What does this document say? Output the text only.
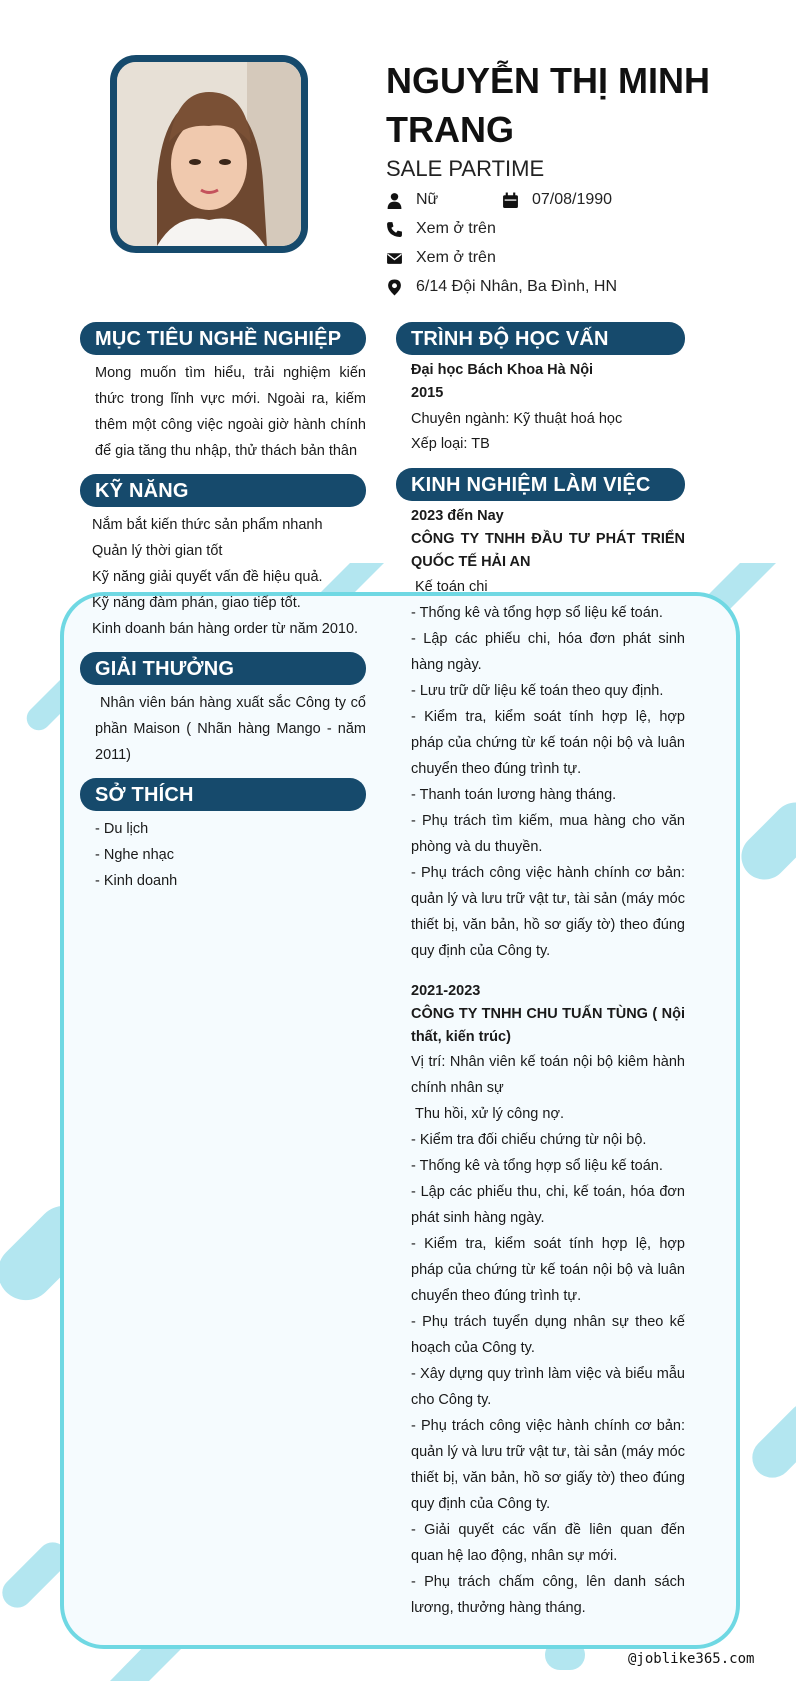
NGUYỄN THỊ MINH TRANG
SALE PARTIME
Nữ	07/08/1990
Xem ở trên
Xem ở trên
6/14 Đội Nhân, Ba Đình, HN
MỤC TIÊU NGHỀ NGHIỆP
Mong muốn tìm hiểu, trải nghiệm kiến thức trong lĩnh vực mới. Ngoài ra, kiếm thêm một công việc ngoài giờ hành chính để gia tăng thu nhập, thử thách bản thân
KỸ NĂNG
Nắm bắt kiến thức sản phẩm nhanh
Quản lý thời gian tốt
Kỹ năng giải quyết vấn đề hiệu quả.
Kỹ năng đàm phán, giao tiếp tốt.
Kinh doanh bán hàng order từ năm 2010.
GIẢI THƯỞNG
Nhân viên bán hàng xuất sắc Công ty cổ phần Maison ( Nhãn hàng Mango - năm 2011)
SỞ THÍCH
- Du lịch
- Nghe nhạc
- Kinh doanh
TRÌNH ĐỘ HỌC VẤN
Đại học Bách Khoa Hà Nội
2015
Chuyên ngành: Kỹ thuật hoá học
Xếp loại: TB
KINH NGHIỆM LÀM VIỆC
2023 đến Nay
CÔNG TY TNHH ĐẦU TƯ PHÁT TRIỂN QUỐC TẾ HẢI AN
Kế toán chi
- Thống kê và tổng hợp sổ liệu kế toán.
- Lập các phiếu chi, hóa đơn phát sinh hàng ngày.
- Lưu trữ dữ liệu kế toán theo quy định.
- Kiểm tra, kiểm soát tính hợp lệ, hợp pháp của chứng từ kế toán nội bộ và luân chuyển theo đúng trình tự.
- Thanh toán lương hàng tháng.
- Phụ trách tìm kiếm, mua hàng cho văn phòng và du thuyền.
- Phụ trách công việc hành chính cơ bản: quản lý và lưu trữ vật tư, tài sản (máy móc thiết bị, văn bản, hồ sơ giấy tờ) theo đúng quy định của Công ty.
2021-2023
CÔNG TY TNHH CHU TUẤN TÙNG ( Nội thất, kiến trúc)
Vị trí: Nhân viên kế toán nội bộ kiêm hành chính nhân sự
Thu hồi, xử lý công nợ.
- Kiểm tra đối chiếu chứng từ nội bộ.
- Thống kê và tổng hợp sổ liệu kế toán.
- Lập các phiếu thu, chi, kế toán, hóa đơn phát sinh hàng ngày.
- Kiểm tra, kiểm soát tính hợp lệ, hợp pháp của chứng từ kế toán nội bộ và luân chuyển theo đúng trình tự.
- Phụ trách tuyển dụng nhân sự theo kế hoạch của Công ty.
- Xây dựng quy trình làm việc và biểu mẫu cho Công ty.
- Phụ trách công việc hành chính cơ bản: quản lý và lưu trữ vật tư, tài sản (máy móc thiết bị, văn bản, hồ sơ giấy tờ) theo đúng quy định của Công ty.
- Giải quyết các vấn đề liên quan đến quan hệ lao động, nhân sự mới.
- Phụ trách chấm công, lên danh sách lương, thưởng hàng tháng.
@joblike365.com
